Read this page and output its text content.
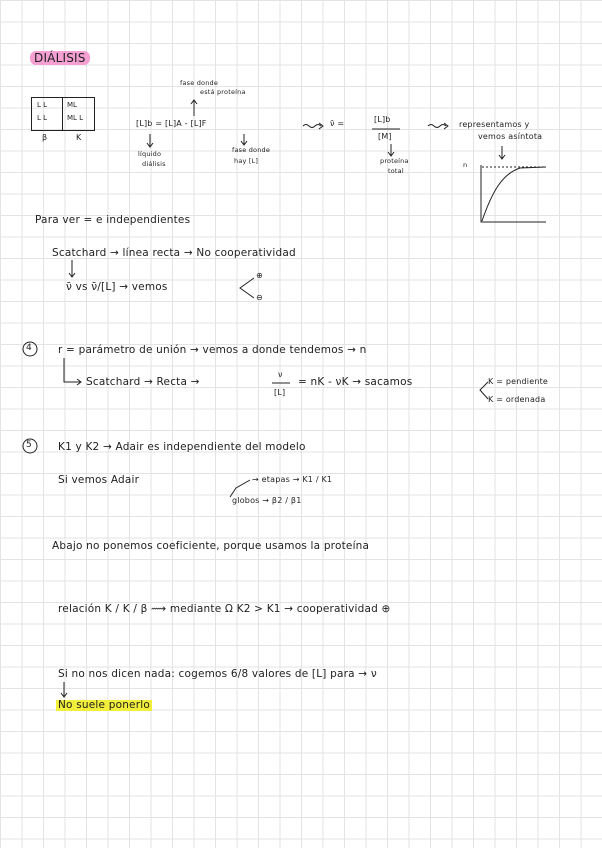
DIÁLISIS
L L
L L
ML
ML L
β	K
fase donde
está proteína
[L]b = [L]A - [L]F
líquido
diálisis
fase donde
hay [L]
ν̄ =	[L]b
[M]
proteína
total
representamos y
vemos asíntota
n
Para ver = e independientes
Scatchard → línea recta → No cooperatividad
ν̄ vs ν̄/[L] → vemos
⊕
⊖
4 r = parámetro de unión → vemos a donde tendemos → n
Scatchard → Recta →
ν
[L]
= nK - νK → sacamos	K = pendiente
K = ordenada
5 K1 y K2 → Adair es independiente del modelo
Si vemos Adair	→ etapas → K1 / K1
globos → β2 / β1
Abajo no ponemos coeficiente, porque usamos la proteína
relación K / K / β ⟿ mediante Ω K2 > K1 → cooperatividad ⊕
Si no nos dicen nada: cogemos 6/8 valores de [L] para → ν
No suele ponerlo
